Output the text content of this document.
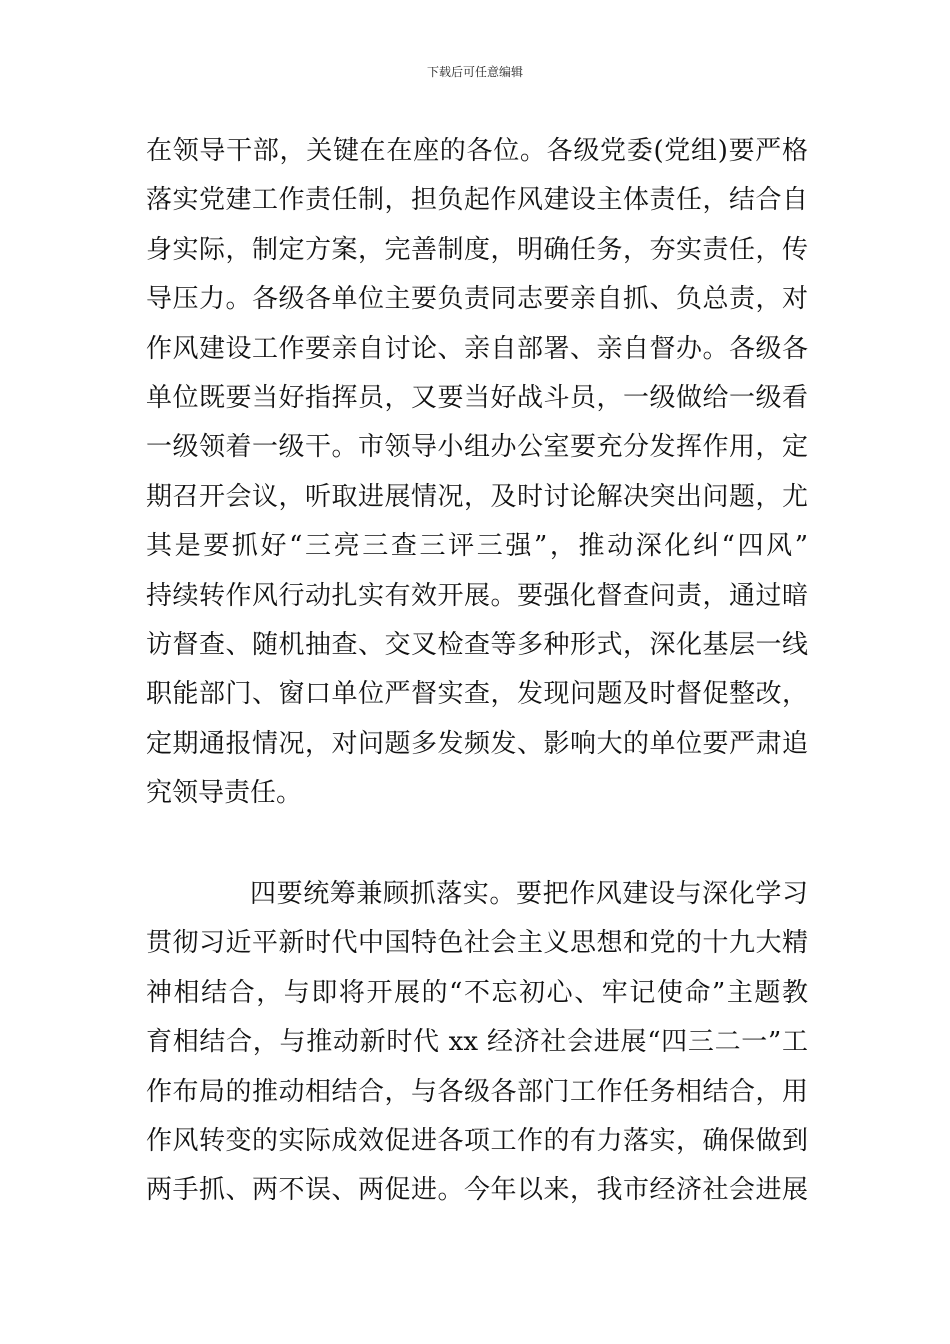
下载后可任意编辑
在领导干部，关键在在座的各位。各级党委(党组)要严格
落实党建工作责任制，担负起作风建设主体责任，结合自
身实际，制定方案，完善制度，明确任务，夯实责任，传
导压力。各级各单位主要负责同志要亲自抓、负总责，对
作风建设工作要亲自讨论、亲自部署、亲自督办。各级各
单位既要当好指挥员，又要当好战斗员，一级做给一级看
一级领着一级干。市领导小组办公室要充分发挥作用，定
期召开会议，听取进展情况，及时讨论解决突出问题，尤
其是要抓好“三亮三查三评三强”，推动深化纠“四风”
持续转作风行动扎实有效开展。要强化督查问责，通过暗
访督查、随机抽查、交叉检查等多种形式，深化基层一线
职能部门、窗口单位严督实查，发现问题及时督促整改，
定期通报情况，对问题多发频发、影响大的单位要严肃追
究领导责任。
四要统筹兼顾抓落实。要把作风建设与深化学习
贯彻习近平新时代中国特色社会主义思想和党的十九大精
神相结合，与即将开展的“不忘初心、牢记使命”主题教
育相结合，与推动新时代 xx 经济社会进展“四三二一”工
作布局的推动相结合，与各级各部门工作任务相结合，用
作风转变的实际成效促进各项工作的有力落实，确保做到
两手抓、两不误、两促进。今年以来，我市经济社会进展
